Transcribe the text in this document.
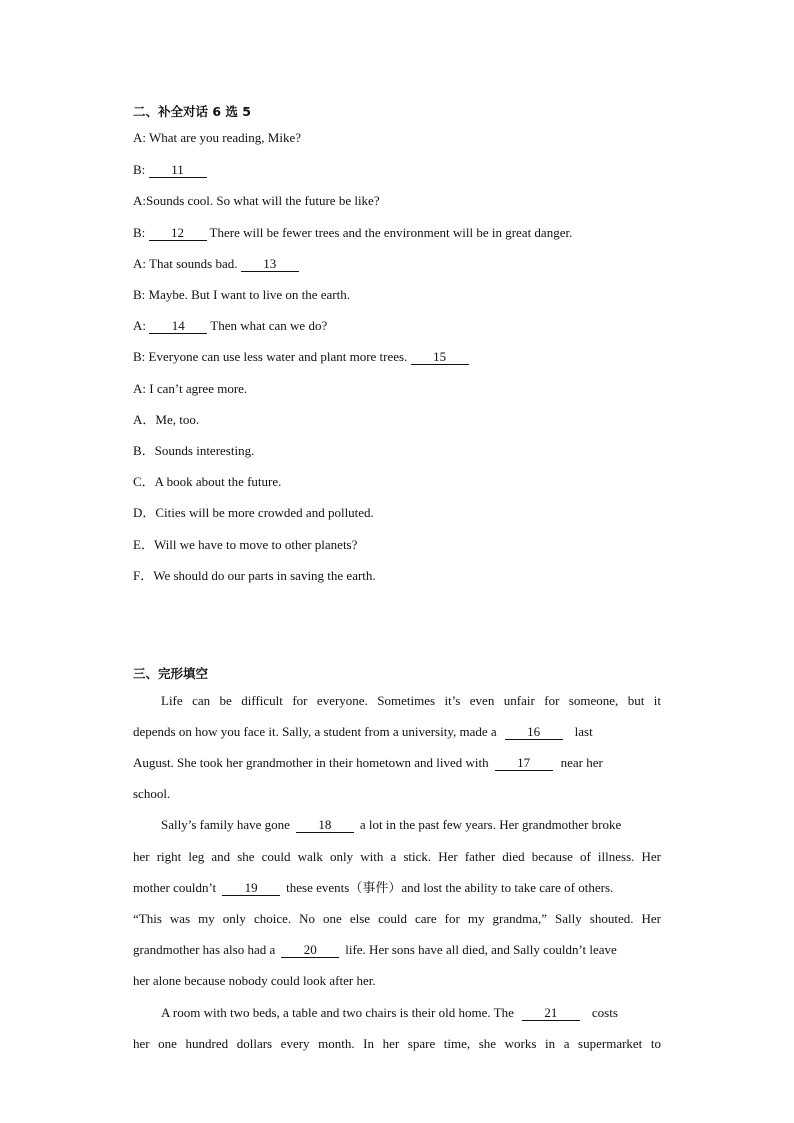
二、补全对话 6 选 5
A: What are you reading, Mike?
B: 11
A:Sounds cool. So what will the future be like?
B: 12 There will be fewer trees and the environment will be in great danger.
A: That sounds bad. 13
B: Maybe. But I want to live on the earth.
A: 14 Then what can we do?
B: Everyone can use less water and plant more trees. 15
A: I can’t agree more.
A．Me, too.
B．Sounds interesting.
C．A book about the future.
D．Cities will be more crowded and polluted.
E．Will we have to move to other planets?
F．We should do our parts in saving the earth.
三、完形填空
Life can be difficult for everyone. Sometimes it’s even unfair for someone, but it
depends on how you face it. Sally, a student from a university, made a 16	last
August. She took her grandmother in their hometown and lived with 17 near her
school.
Sally’s family have gone 18 a lot in the past few years. Her grandmother broke
her right leg and she could walk only with a stick. Her father died because of illness. Her
mother couldn’t 19 these events（事件）and lost the ability to take care of others.
“This was my only choice. No one else could care for my grandma,” Sally shouted. Her
grandmother has also had a 20 life. Her sons have all died, and Sally couldn’t leave
her alone because nobody could look after her.
A room with two beds, a table and two chairs is their old home. The 21	costs
her one hundred dollars every month. In her spare time, she works in a supermarket to
